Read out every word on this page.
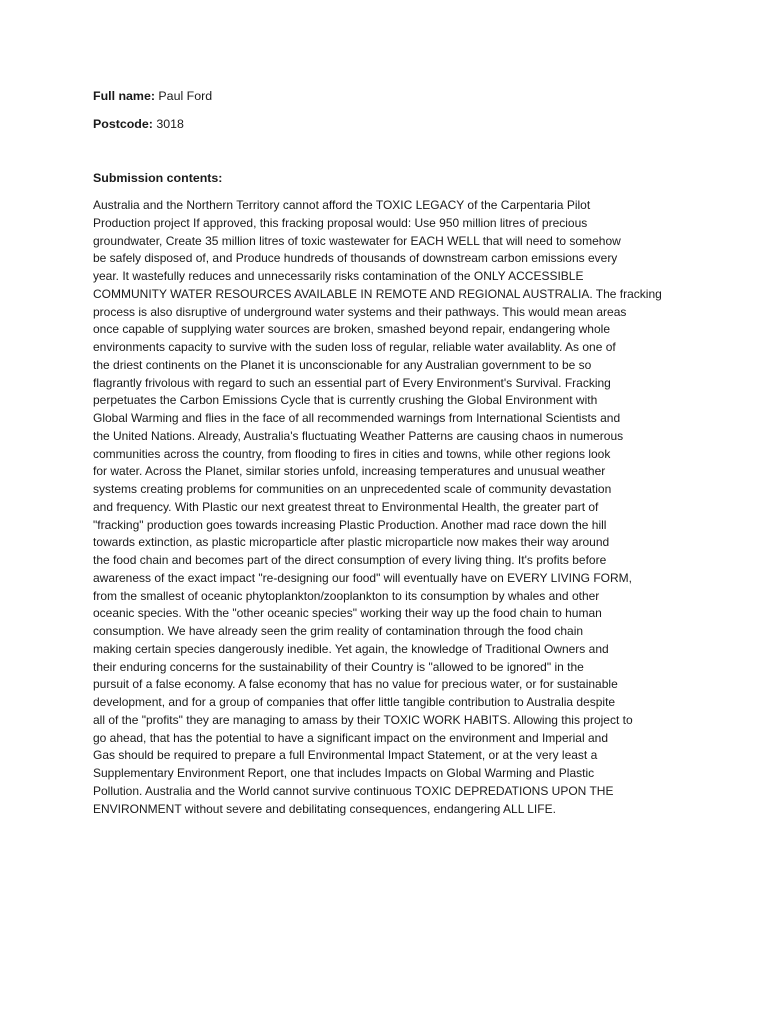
Full name: Paul Ford
Postcode: 3018
Submission contents:
Australia and the Northern Territory cannot afford the TOXIC LEGACY of the Carpentaria Pilot
Production project If approved, this fracking proposal would: Use 950 million litres of precious
groundwater, Create 35 million litres of toxic wastewater for EACH WELL that will need to somehow
be safely disposed of, and Produce hundreds of thousands of downstream carbon emissions every
year. It wastefully reduces and unnecessarily risks contamination of the ONLY ACCESSIBLE
COMMUNITY WATER RESOURCES AVAILABLE IN REMOTE AND REGIONAL AUSTRALIA. The fracking
process is also disruptive of underground water systems and their pathways. This would mean areas
once capable of supplying water sources are broken, smashed beyond repair, endangering whole
environments capacity to survive with the suden loss of regular, reliable water availablity. As one of
the driest continents on the Planet it is unconscionable for any Australian government to be so
flagrantly frivolous with regard to such an essential part of Every Environment's Survival. Fracking
perpetuates the Carbon Emissions Cycle that is currently crushing the Global Environment with
Global Warming and flies in the face of all recommended warnings from International Scientists and
the United Nations. Already, Australia's fluctuating Weather Patterns are causing chaos in numerous
communities across the country, from flooding to fires in cities and towns, while other regions look
for water. Across the Planet, similar stories unfold, increasing temperatures and unusual weather
systems creating problems for communities on an unprecedented scale of community devastation
and frequency. With Plastic our next greatest threat to Environmental Health, the greater part of
"fracking" production goes towards increasing Plastic Production. Another mad race down the hill
towards extinction, as plastic microparticle after plastic microparticle now makes their way around
the food chain and becomes part of the direct consumption of every living thing. It's profits before
awareness of the exact impact "re-designing our food" will eventually have on EVERY LIVING FORM,
from the smallest of oceanic phytoplankton/zooplankton to its consumption by whales and other
oceanic species. With the "other oceanic species" working their way up the food chain to human
consumption. We have already seen the grim reality of contamination through the food chain
making certain species dangerously inedible. Yet again, the knowledge of Traditional Owners and
their enduring concerns for the sustainability of their Country is "allowed to be ignored" in the
pursuit of a false economy. A false economy that has no value for precious water, or for sustainable
development, and for a group of companies that offer little tangible contribution to Australia despite
all of the "profits" they are managing to amass by their TOXIC WORK HABITS. Allowing this project to
go ahead, that has the potential to have a significant impact on the environment and Imperial and
Gas should be required to prepare a full Environmental Impact Statement, or at the very least a
Supplementary Environment Report, one that includes Impacts on Global Warming and Plastic
Pollution. Australia and the World cannot survive continuous TOXIC DEPREDATIONS UPON THE
ENVIRONMENT without severe and debilitating consequences, endangering ALL LIFE.
